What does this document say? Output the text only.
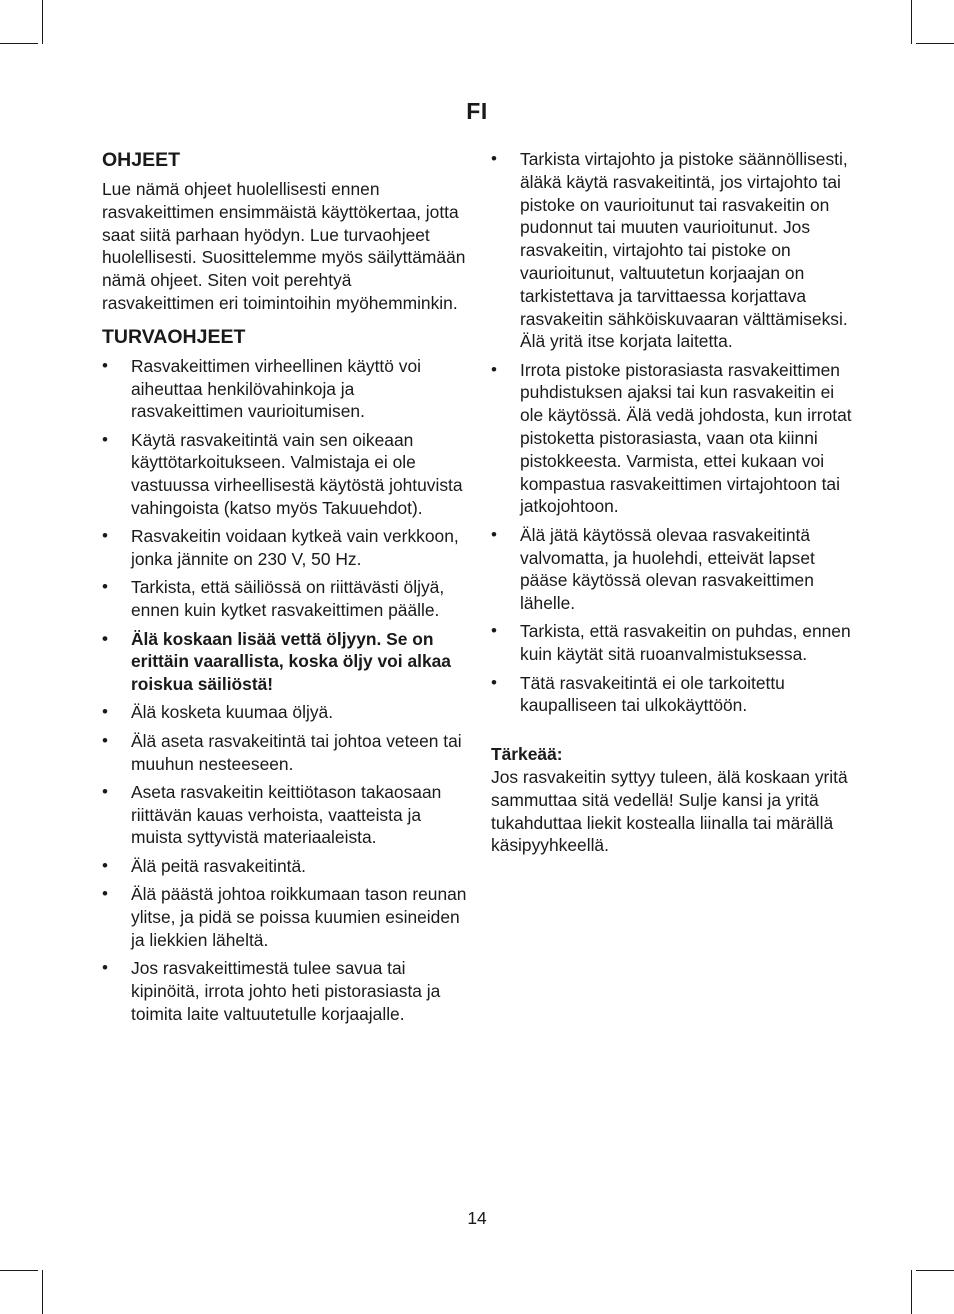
FI
OHJEET

Lue nämä ohjeet huolellisesti ennen rasvakeittimen ensimmäistä käyttökertaa, jotta saat siitä parhaan hyödyn. Lue turvaohjeet huolellisesti. Suosittelemme myös säilyttämään nämä ohjeet. Siten voit perehtyä rasvakeittimen eri toimintoihin myöhemminkin.

TURVAOHJEET
• Rasvakeittimen virheellinen käyttö voi aiheuttaa henkilövahinkoja ja rasvakeittimen vaurioitumisen.
• Käytä rasvakeitintä vain sen oikeaan käyttötarkoitukseen. Valmistaja ei ole vastuussa virheellisestä käytöstä johtuvista vahingoista (katso myös Takuuehdot).
• Rasvakeitin voidaan kytkeä vain verkkoon, jonka jännite on 230 V, 50 Hz.
• Tarkista, että säiliössä on riittävästi öljyä, ennen kuin kytket rasvakeittimen päälle.
• Älä koskaan lisää vettä öljyyn. Se on erittäin vaarallista, koska öljy voi alkaa roiskua säiliöstä!
• Älä kosketa kuumaa öljyä.
• Älä aseta rasvakeitintä tai johtoa veteen tai muuhun nesteeseen.
• Aseta rasvakeitin keittiötason takaosaan riittävän kauas verhoista, vaatteista ja muista syttyvistä materiaaleista.
• Älä peitä rasvakeitintä.
• Älä päästä johtoa roikkumaan tason reunan ylitse, ja pidä se poissa kuumien esineiden ja liekkien läheltä.
• Jos rasvakeittimestä tulee savua tai kipinöitä, irrota johto heti pistorasiasta ja toimita laite valtuutetulle korjaajalle.
• Tarkista virtajohto ja pistoke säännöllisesti, äläkä käytä rasvakeitintä, jos virtajohto tai pistoke on vaurioitunut tai rasvakeitin on pudonnut tai muuten vaurioitunut. Jos rasvakeitin, virtajohto tai pistoke on vaurioitunut, valtuutetun korjaajan on tarkistettava ja tarvittaessa korjattava rasvakeitin sähköiskuvaaran välttämiseksi. Älä yritä itse korjata laitetta.
• Irrota pistoke pistorasiasta rasvakeittimen puhdistuksen ajaksi tai kun rasvakeitin ei ole käytössä. Älä vedä johdosta, kun irrotat pistoketta pistorasiasta, vaan ota kiinni pistokkeesta. Varmista, ettei kukaan voi kompastua rasvakeittimen virtajohtoon tai jatkojohtoon.
• Älä jätä käytössä olevaa rasvakeitintä valvomatta, ja huolehdi, etteivät lapset pääse käytössä olevan rasvakeittimen lähelle.
• Tarkista, että rasvakeitin on puhdas, ennen kuin käytät sitä ruoanvalmistuksessa.
• Tätä rasvakeitintä ei ole tarkoitettu kaupalliseen tai ulkokäyttöön.

Tärkeää:

Jos rasvakeitin syttyy tuleen, älä koskaan yritä sammuttaa sitä vedellä! Sulje kansi ja yritä tukahduttaa liekit kostealla liinalla tai märällä käsipyyhkeellä.

14
